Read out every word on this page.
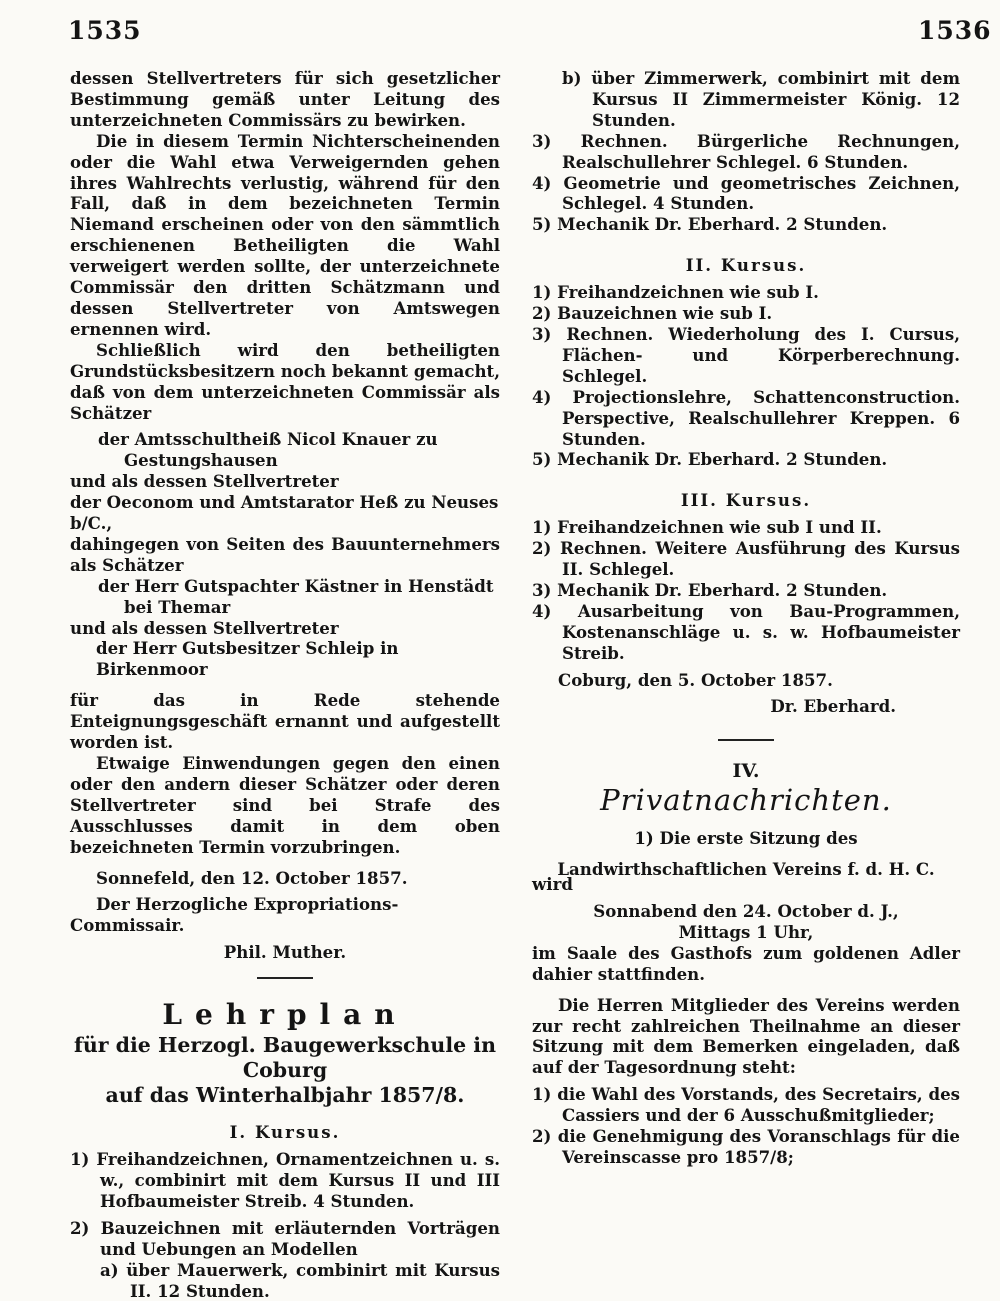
1535	1536

dessen Stellvertreters für sich gesetzlicher Bestimmung gemäß unter Leitung des unterzeichneten Commissärs zu bewirken.

Die in diesem Termin Nichterscheinenden oder die Wahl etwa Verweigernden gehen ihres Wahlrechts verlustig, während für den Fall, daß in dem bezeichneten Termin Niemand erscheinen oder von den sämmtlich erschienenen Betheiligten die Wahl verweigert werden sollte, der unterzeichnete Commissär den dritten Schätzmann und dessen Stellvertreter von Amtswegen ernennen wird.

Schließlich wird den betheiligten Grundstücksbesitzern noch bekannt gemacht, daß von dem unterzeichneten Commissär als Schätzer

der Amtsschultheiß Nicol Knauer zu Gestungshausen

und als dessen Stellvertreter

der Oeconom und Amtstarator Heß zu Neuses b/C.,

dahingegen von Seiten des Bauunternehmers als Schätzer

der Herr Gutspachter Kästner in Henstädt bei Themar

und als dessen Stellvertreter

der Herr Gutsbesitzer Schleip in Birkenmoor

für das in Rede stehende Enteignungsgeschäft ernannt und aufgestellt worden ist.

Etwaige Einwendungen gegen den einen oder den andern dieser Schätzer oder deren Stellvertreter sind bei Strafe des Ausschlusses damit in dem oben bezeichneten Termin vorzubringen.

Sonnefeld, den 12. October 1857.

Der Herzogliche Expropriations-Commissair.

Phil. Muther.

Lehrplan

für die Herzogl. Baugewerkschule in Coburg

auf das Winterhalbjahr 1857/8.

I. Kursus.

1) Freihandzeichnen, Ornamentzeichnen u. s. w., combinirt mit dem Kursus II und III Hofbaumeister Streib. 4 Stunden.

2) Bauzeichnen mit erläuternden Vorträgen und Uebungen an Modellen

a) über Mauerwerk, combinirt mit Kursus II. 12 Stunden.

b) über Zimmerwerk, combinirt mit dem Kursus II Zimmermeister König. 12 Stunden.

3) Rechnen. Bürgerliche Rechnungen, Realschullehrer Schlegel. 6 Stunden.

4) Geometrie und geometrisches Zeichnen, Schlegel. 4 Stunden.

5) Mechanik Dr. Eberhard. 2 Stunden.

II. Kursus.

1) Freihandzeichnen wie sub I.

2) Bauzeichnen wie sub I.

3) Rechnen. Wiederholung des I. Cursus, Flächen- und Körperberechnung. Schlegel.

4) Projectionslehre, Schattenconstruction. Perspective, Realschullehrer Kreppen. 6 Stunden.

5) Mechanik Dr. Eberhard. 2 Stunden.

III. Kursus.

1) Freihandzeichnen wie sub I und II.

2) Rechnen. Weitere Ausführung des Kursus II. Schlegel.

3) Mechanik Dr. Eberhard. 2 Stunden.

4) Ausarbeitung von Bau-Programmen, Kostenanschläge u. s. w. Hofbaumeister Streib.

Coburg, den 5. October 1857.

Dr. Eberhard.

IV.

Privatnachrichten.

1) Die erste Sitzung des

Landwirthschaftlichen Vereins f. d. H. C.

wird

Sonnabend den 24. October d. J.,

Mittags 1 Uhr,

im Saale des Gasthofs zum goldenen Adler dahier stattfinden.

Die Herren Mitglieder des Vereins werden zur recht zahlreichen Theilnahme an dieser Sitzung mit dem Bemerken eingeladen, daß auf der Tagesordnung steht:

1) die Wahl des Vorstands, des Secretairs, des Cassiers und der 6 Ausschußmitglieder;

2) die Genehmigung des Voranschlags für die Vereinscasse pro 1857/8;
